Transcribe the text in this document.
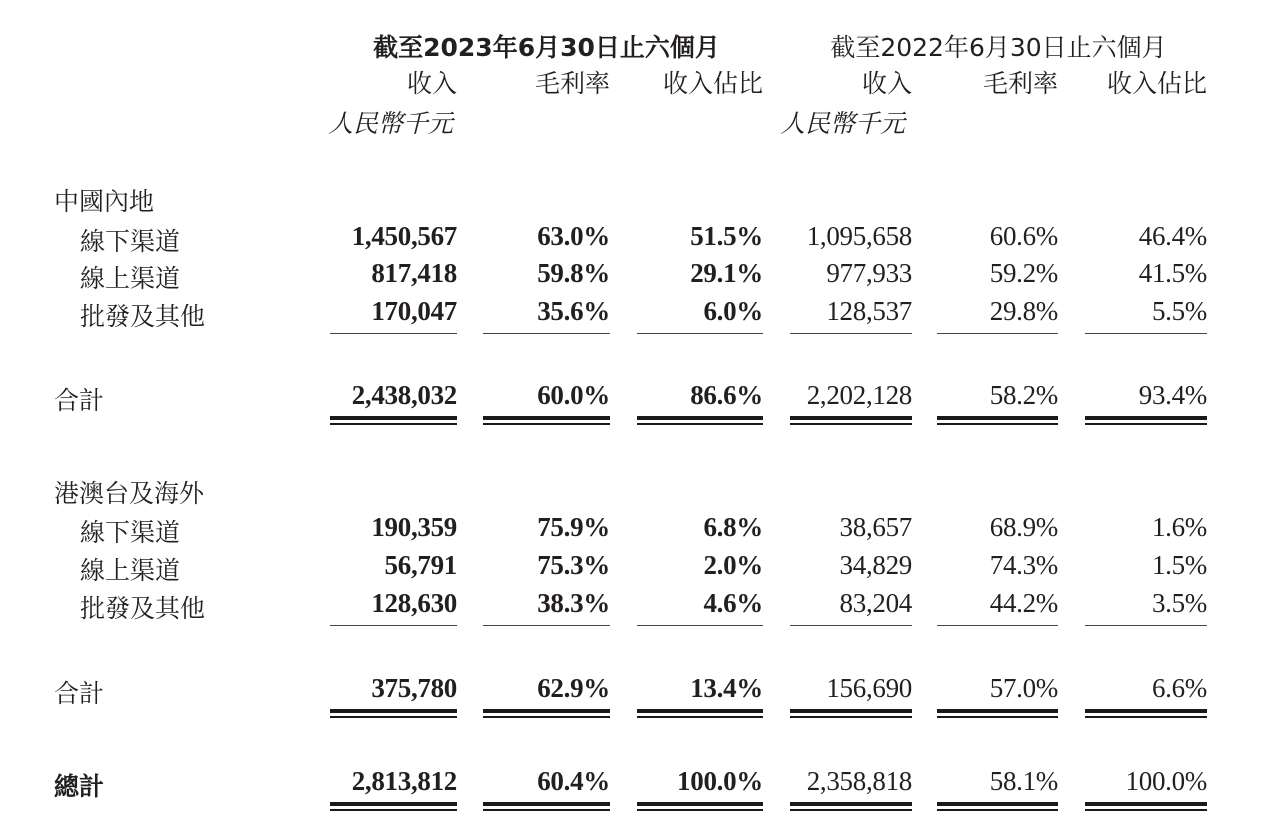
截至2023年6月30日止六個月	截至2022年6月30日止六個月
收入	毛利率	收入佔比	收入	毛利率	收入佔比
人民幣千元	人民幣千元
中國內地
線下渠道	1,450,567	63.0%	51.5%	1,095,658	60.6%	46.4%
線上渠道	817,418	59.8%	29.1%	977,933	59.2%	41.5%
批發及其他	170,047	35.6%	6.0%	128,537	29.8%	5.5%
合計	2,438,032	60.0%	86.6%	2,202,128	58.2%	93.4%
港澳台及海外
線下渠道	190,359	75.9%	6.8%	38,657	68.9%	1.6%
線上渠道	56,791	75.3%	2.0%	34,829	74.3%	1.5%
批發及其他	128,630	38.3%	4.6%	83,204	44.2%	3.5%
合計	375,780	62.9%	13.4%	156,690	57.0%	6.6%
總計	2,813,812	60.4%	100.0%	2,358,818	58.1%	100.0%
